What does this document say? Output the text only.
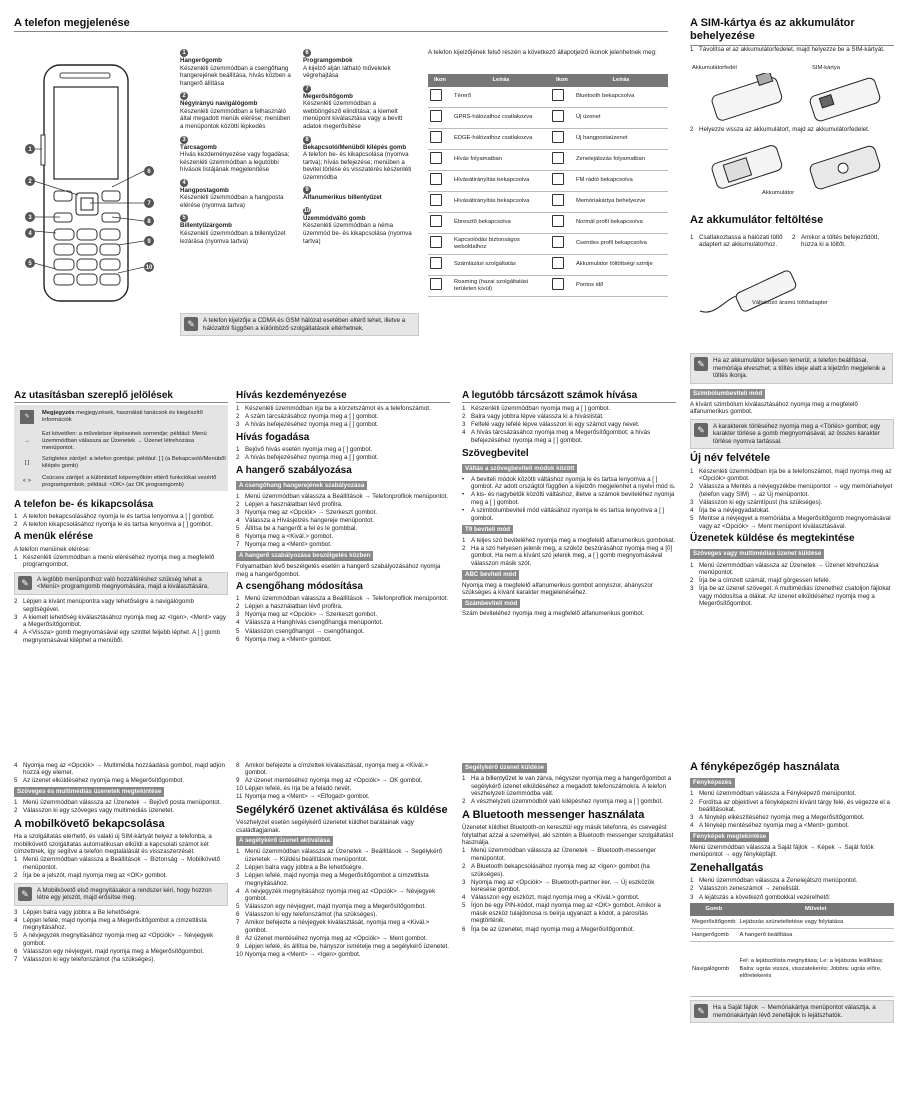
A telefon megjelenése
1
2
3
4
5
6
7
8
9
10
1
Hangerőgomb
Készenléti üzemmódban a csengőhang hangerejének beállítása, hívás közben a hangerő állítása
2
Négyirányú navigálógomb
Készenléti üzemmódban a felhasználó által megadott menük elérése; menüben a menüpontok közötti lépkedés
3
Tárcsagomb
Hívás kezdeményezése vagy fogadása; készenléti üzemmódban a legutóbbi hívások listájának megjelenítése
4
Hangpostagomb
Készenléti üzemmódban a hangposta elérése (nyomva tartva)
5
Billentyűzárgomb
Készenléti üzemmódban a billentyűzet lezárása (nyomva tartva)
6
Programgombok
A kijelző alján látható műveletek végrehajtása
7
Megerősítőgomb
Készenléti üzemmódban a webböngésző elindítása; a kiemelt menüpont kiválasztása vagy a bevitt adatok megerősítése
8
Bekapcsoló/Menüből kilépés gomb
A telefon be- és kikapcsolása (nyomva tartva); hívás befejezése; menüben a bevitel törlése és visszatérés készenléti üzemmódba
9
Alfanumerikus billentyűzet
10
Üzemmódváltó gomb
Készenléti üzemmódban a néma üzemmód be- és kikapcsolása (nyomva tartva)
✎	A telefon kijelzője a CDMA és GSM hálózat esetében eltérő lehet, illetve a hálózattól függően a különböző szolgáltatások eltérhetnek.
A telefon kijelzőjének felső részén a következő állapotjelző ikonok jelenhetnek meg:
Ikon	Leírás	Ikon	Leírás
	Térerő		Bluetooth bekapcsolva
	GPRS-hálózathoz csatlakozva		Új üzenet
	EDGE-hálózathoz csatlakozva		Új hangpostaüzenet
	Hívás folyamatban		Zenelejátszás folyamatban
	Hívásátirányítás bekapcsolva		FM rádió bekapcsolva
	Hívásátirányítás bekapcsolva		Memóriakártya behelyezve
	Ébresztő bekapcsolva		Normál profil bekapcsolva
	Kapcsolódás biztonságos weboldalhoz		Csendes profil bekapcsolva
	Számlázási szolgáltatás		Akkumulátor töltöttségi szintje
	Roaming (hazai szolgáltatási területen kívül)		Pontos idő
A SIM-kártya és az akkumulátor behelyezése
1 Távolítsa el az akkumulátorfedelet, majd helyezze be a SIM-kártyát.
Akkumulátorfedél	SIM-kártya
2 Helyezze vissza az akkumulátort, majd az akkumulátorfedelet.
Akkumulátor
Az akkumulátor feltöltése
1 Csatlakoztassa a hálózati töltő adaptert az akkumulátorhoz.
2 Amikor a töltés befejeződött, húzza ki a töltőt.
Váltakozó áramú töltőadapter
✎	Ha az akkumulátor teljesen lemerül, a telefon beállításai, memóriája elveszhet; a töltés ideje alatt a kijelzőn megjelenik a töltés ikonja.
Az utasításban szereplő jelölések
✎	Megjegyzés megjegyzések, használati tanácsok és kiegészítő információk
→	Ezt követően: a műveletsor lépéseinek sorrendje; például: Menü üzemmódban válassza az Üzenetek → Üzenet létrehozása menüpontot.
[ ]	Szögletes zárójel: a telefon gombjai; például: [ ] (a Bekapcsoló/Menüből kilépés gomb)
< >	Csúcsos zárójel: a különböző képernyőkön eltérő funkciókat vezérlő programgombok; például: <OK> (az OK programgomb)
A telefon be- és kikapcsolása
1 A telefon bekapcsolásához nyomja le és tartsa lenyomva a [ ] gombot.
2 A telefon kikapcsolásához nyomja le és tartsa lenyomva a [ ] gombot.
A menük elérése
A telefon menüinek elérése:
1 Készenléti üzemmódban a menü eléréséhez nyomja meg a megfelelő programgombot.
✎	A legtöbb menüponthoz való hozzáféréshez szükség lehet a <Menü> programgomb megnyomására, majd a kiválasztására.
2 Lépjen a kívánt menüpontra vagy lehetőségre a navigálógomb segítségével.
3 A kiemelt lehetőség kiválasztásához nyomja meg az <Igen>, <Ment> vagy a Megerősítőgombot.
4 A <Vissza> gomb megnyomásával egy szinttel feljebb léphet. A [ ] gomb megnyomásával kiléphet a menüből.
Hívás kezdeményezése
1 Készenléti üzemmódban írja be a körzetszámot és a telefonszámot.
2 A szám tárcsázásához nyomja meg a [ ] gombot.
3 A hívás befejezéséhez nyomja meg a [ ] gombot.
Hívás fogadása
1 Bejövő hívás esetén nyomja meg a [ ] gombot.
2 A hívás befejezéséhez nyomja meg a [ ] gombot.
A hangerő szabályozása
A csengőhang hangerejének szabályozása
1 Menü üzemmódban válassza a Beállítások → Telefonprofilok menüpontot.
2 Lépjen a használatban lévő profilra.
3 Nyomja meg az <Opciók> → Szerkeszt gombot.
4 Válassza a Hívásjelzés hangereje menüpontot.
5 Állítsa be a hangerőt a fel és le gombbal.
6 Nyomja meg a <Kivál.> gombot.
7 Nyomja meg a <Ment> gombot.
A hangerő szabályozása beszélgetés közben
Folyamatban lévő beszélgetés esetén a hangerő szabályozásához nyomja meg a hangerőgombot.
A csengőhang módosítása
1 Menü üzemmódban válassza a Beállítások → Telefonprofilok menüpontot.
2 Lépjen a használatban lévő profilra.
3 Nyomja meg az <Opciók> → Szerkeszt gombot.
4 Válassza a Hanghívás csengőhangja menüpontot.
5 Válasszon csengőhangot → csengőhangot.
6 Nyomja meg a <Ment> gombot.
A legutóbb tárcsázott számok hívása
1 Készenléti üzemmódban nyomja meg a [ ] gombot.
2 Balra vagy jobbra lépve válassza ki a híváslistát.
3 Felfelé vagy lefelé lépve válasszon ki egy számot vagy nevet.
4 A hívás tárcsázásához nyomja meg a Megerősítőgombot; a hívás befejezéséhez nyomja meg a [ ] gombot.
Szövegbevitel
Váltás a szövegbeviteli módok között
•	A beviteli módok közötti váltáshoz nyomja le és tartsa lenyomva a [ ] gombot. Az adott országtól függően a kijelzőn megjelenhet a nyelvi mód is.
•	A kis- és nagybetűk közötti váltáshoz, illetve a számok beviteléhez nyomja meg a [ ] gombot.
•	A szimbólumbeviteli mód váltásához nyomja le és tartsa lenyomva a [ ] gombot.
T9 beviteli mód
1 A teljes szó beviteléhez nyomja meg a megfelelő alfanumerikus gombokat.
2 Ha a szó helyesen jelenik meg, a szóköz beszúrásához nyomja meg a [0] gombot. Ha nem a kívánt szó jelenik meg, a [ ] gomb megnyomásával válasszon másik szót.
ABC beviteli mód
Nyomja meg a megfelelő alfanumerikus gombot annyiszor, ahányszor szükséges a kívánt karakter megjelenéséhez.
Számbeviteli mód
Szám beviteléhez nyomja meg a megfelelő alfanumerikus gombot.
Szimbólumbeviteli mód
A kívánt szimbólum kiválasztásához nyomja meg a megfelelő alfanumerikus gombot.
✎	A karakterek törléséhez nyomja meg a <Törlés> gombot; egy karakter törlése a gomb megnyomásával, az összes karakter törlése nyomva tartással.
Új név felvétele
1 Készenléti üzemmódban írja be a telefonszámot, majd nyomja meg az <Opciók> gombot.
2 Válassza a Mentés a névjegyzékbe menüpontot → egy memóriahelyet (telefon vagy SIM) → az Új menüpontot.
3 Válasszon ki egy számtípust (ha szükséges).
4 Írja be a névjegyadatokat.
5 Mentse a névjegyet a memóriába a Megerősítőgomb megnyomásával vagy az <Opciók> → Ment menüpont kiválasztásával.
Üzenetek küldése és megtekintése
Szöveges vagy multimédiás üzenet küldése
1 Menü üzemmódban válassza az Üzenetek → Üzenet létrehozása menüpontot.
2 Írja be a címzett számát, majd görgessen lefelé.
3 Írja be az üzenet szövegét. A multimédiás üzenethez csatoljon fájlokat vagy módosítsa a diákat. Az üzenet elküldéséhez nyomja meg a Megerősítőgombot.
4 Nyomja meg az <Opciók> → Multimédia hozzáadása gombot, majd adjon hozzá egy elemet.
5 Az üzenet elküldéséhez nyomja meg a Megerősítőgombot.
Szöveges és multimédiás üzenetek megtekintése
1 Menü üzemmódban válassza az Üzenetek → Bejövő posta menüpontot.
2 Válasszon ki egy szöveges vagy multimédiás üzenetet.
A mobilkövető bekapcsolása
Ha a szolgáltatás elérhető, és valaki új SIM-kártyát helyez a telefonba, a mobilkövető szolgáltatás automatikusan elküldi a kapcsolati számot két címzettnek, így segítve a telefon megtalálását és visszaszerzését.
1 Menü üzemmódban válassza a Beállítások → Biztonság → Mobilkövető menüpontot.
2 Írja be a jelszót, majd nyomja meg az <OK> gombot.
✎	A Mobilkövető első megnyitásakor a rendszer kéri, hogy hozzon létre egy jelszót, majd erősítse meg.
3 Lépjen balra vagy jobbra a Be lehetőségre.
4 Lépjen lefelé, majd nyomja meg a Megerősítőgombot a címzettlista megnyitásához.
5 A névjegyzék megnyitásához nyomja meg az <Opciók> → Névjegyek gombot.
6 Válasszon egy névjegyet, majd nyomja meg a Megerősítőgombot.
7 Válasszon ki egy telefonszámot (ha szükséges).
8 Amikor befejezte a címzettek kiválasztását, nyomja meg a <Kivál.> gombot.
9 Az üzenet mentéséhez nyomja meg az <Opciók> → OK gombot.
10 Lépjen lefelé, és írja be a feladó nevét.
11 Nyomja meg a <Ment> → <Elfogad> gombot.
Segélykérő üzenet aktiválása és küldése
Vészhelyzet esetén segélykérő üzenetet küldhet barátainak vagy családtagjainak.
A segélykérő üzenet aktiválása
1 Menü üzemmódban válassza az Üzenetek → Beállítások → Segélykérő üzenetek → Küldési beállítások menüpontot.
2 Lépjen balra vagy jobbra a Be lehetőségre.
3 Lépjen lefelé, majd nyomja meg a Megerősítőgombot a címzettlista megnyitásához.
4 A névjegyzék megnyitásához nyomja meg az <Opciók> → Névjegyek gombot.
5 Válasszon egy névjegyet, majd nyomja meg a Megerősítőgombot.
6 Válasszon ki egy telefonszámot (ha szükséges).
7 Amikor befejezte a névjegyek kiválasztását, nyomja meg a <Kivál.> gombot.
8 Az üzenet mentéséhez nyomja meg az <Opciók> → Ment gombot.
9 Lépjen lefelé, és állítsa be, hányszor ismételje meg a segélykérő üzenetet.
10 Nyomja meg a <Ment> → <Igen> gombot.
Segélykérő üzenet küldése
1 Ha a billentyűzet le van zárva, négyszer nyomja meg a hangerőgombot a segélykérő üzenet elküldéséhez a megadott telefonszámokra. A telefon vészhelyzeti üzemmódba vált.
2 A vészhelyzeti üzemmódból való kilépéshez nyomja meg a [ ] gombot.
A Bluetooth messenger használata
Üzenetet küldhet Bluetooth-on keresztül egy másik telefonra, és csevegést folytathat azzal a személlyel, aki szintén a Bluetooth messenger szolgáltatást használja.
1 Menü üzemmódban válassza az Üzenetek → Bluetooth-messenger menüpontot.
2 A Bluetooth bekapcsolásához nyomja meg az <Igen> gombot (ha szükséges).
3 Nyomja meg az <Opciók> → Bluetooth-partner ker. → Új eszközök keresése gombot.
4 Válasszon egy eszközt, majd nyomja meg a <Kivál.> gombot.
5 Írjon be egy PIN-kódot, majd nyomja meg az <OK> gombot. Amikor a másik eszköz tulajdonosa is beírja ugyanazt a kódot, a párosítás megtörténik.
6 Írja be az üzenetet, majd nyomja meg a Megerősítőgombot.
A fényképezőgép használata
Fényképezés
1 Menü üzemmódban válassza a Fényképező menüpontot.
2 Fordítsa az objektívet a fényképezni kívánt tárgy felé, és végezze el a beállításokat.
3 A fénykép elkészítéséhez nyomja meg a Megerősítőgombot.
4 A fénykép mentéséhez nyomja meg a <Ment> gombot.
Fényképek megtekintése
Menü üzemmódban válassza a Saját fájlok → Képek → Saját fotók menüpontot → egy fényképfájlt.
Zenehallgatás
1 Menü üzemmódban válassza a Zenelejátszó menüpontot.
2 Válasszon zeneszámot → zenelistát.
3 A lejátszás a következő gombokkal vezérelhető:
Gomb	Művelet
Megerősítőgomb	Lejátszás szüneteltetése vagy folytatása
Hangerőgomb	A hangerő beállítása
Navigálógomb	Fel: a lejátszólista megnyitása; Le: a lejátszás leállítása; Balra: ugrás vissza, visszatekerés; Jobbra: ugrás előre, előretekerés
✎	Ha a Saját fájlok → Memóriakártya menüpontot választja, a memóriakártyán lévő zenefájlok is lejátszhatók.
